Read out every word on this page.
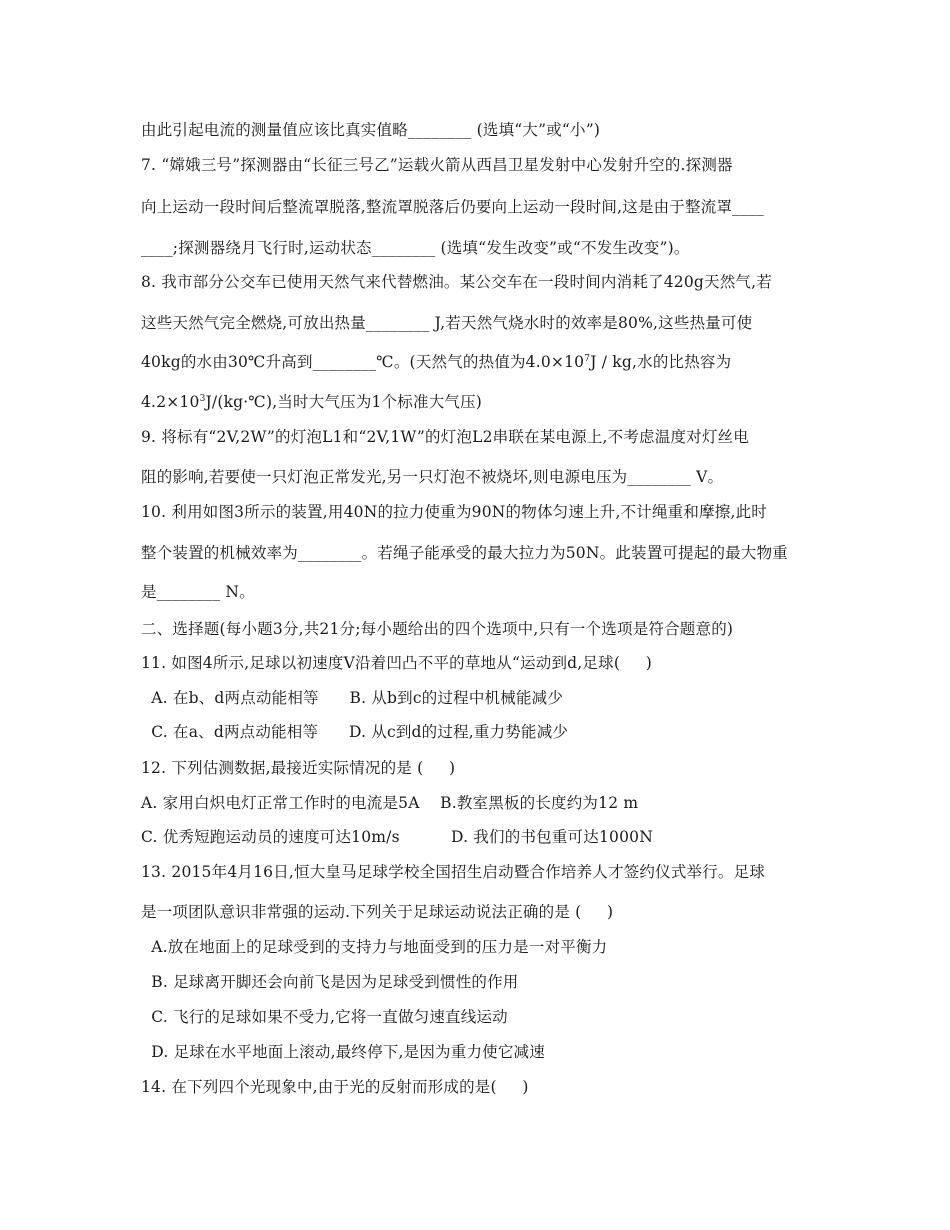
由此引起电流的测量值应该比真实值略________ (选填“大”或“小”)
7. “嫦娥三号”探测器由“长征三号乙”运载火箭从西昌卫星发射中心发射升空的.探测器
向上运动一段时间后整流罩脱落,整流罩脱落后仍要向上运动一段时间,这是由于整流罩____
____;探测器绕月飞行时,运动状态________ (选填“发生改变”或“不发生改变”)。
8. 我市部分公交车已使用天然气来代替燃油。某公交车在一段时间内消耗了420g天然气,若
这些天然气完全燃烧,可放出热量________ J,若天然气烧水时的效率是80%,这些热量可使
40kg的水由30℃升高到________℃。(天然气的热值为$4.0\times 10^7J$ / kg,水的比热容为
$4.2\times 10^3J/(kg\cdot℃)$,当时大气压为1个标准大气压)
9. 将标有“2V,2W”的灯泡L1和“2V,1W”的灯泡L2串联在某电源上,不考虑温度对灯丝电
阻的影响,若要使一只灯泡正常发光,另一只灯泡不被烧坏,则电源电压为________ V。
10. 利用如图3所示的装置,用40N的拉力使重为90N的物体匀速上升,不计绳重和摩擦,此时
整个装置的机械效率为________。若绳子能承受的最大拉力为50N。此装置可提起的最大物重
是________ N。
二、选择题(每小题3分,共21分;每小题给出的四个选项中,只有一个选项是符合题意的)
11. 如图4所示,足球以初速度V沿着凹凸不平的草地从“运动到d,足球(     )
A. 在b、d两点动能相等      B. 从b到c的过程中机械能减少
C. 在a、d两点动能相等      D. 从c到d的过程,重力势能减少
12. 下列估测数据,最接近实际情况的是 (     )
A. 家用白炽电灯正常工作时的电流是5A    B.教室黑板的长度约为12 m
C. 优秀短跑运动员的速度可达10m/s          D. 我们的书包重可达1000N
13. 2015年4月16日,恒大皇马足球学校全国招生启动暨合作培养人才签约仪式举行。足球
是一项团队意识非常强的运动.下列关于足球运动说法正确的是 (     )
A.放在地面上的足球受到的支持力与地面受到的压力是一对平衡力
B. 足球离开脚还会向前飞是因为足球受到惯性的作用
C. 飞行的足球如果不受力,它将一直做匀速直线运动
D. 足球在水平地面上滚动,最终停下,是因为重力使它减速
14. 在下列四个光现象中,由于光的反射而形成的是(     )
